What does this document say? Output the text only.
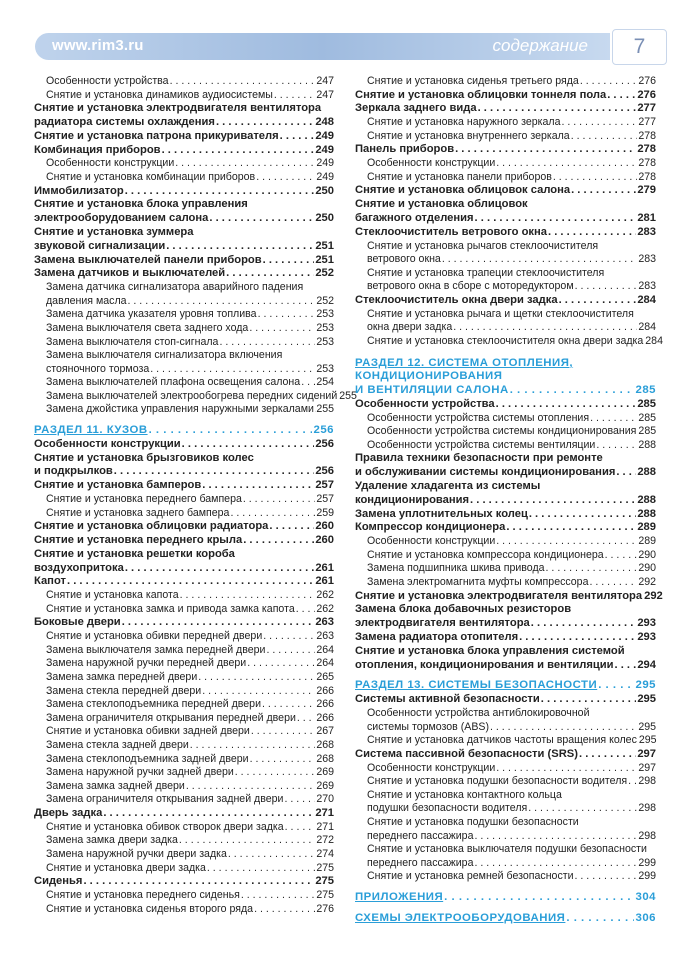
www.rim3.ru	содержание	7
Особенности устройства . . .	247
Снятие и установка динамиков аудиосистемы . . .	247
Снятие и установка электродвигателя вентилятора
радиатора системы охлаждения . . .	248
Снятие и установка патрона прикуривателя . . .	249
Комбинация приборов . . .	249
Особенности конструкции . . .	249
Снятие и установка комбинации приборов . . .	249
Иммобилизатор . . .	250
Снятие и установка блока управления
электрооборудованием салона . . .	250
Снятие и установка зуммера
звуковой сигнализации . . .	251
Замена выключателей панели приборов . . .	251
Замена датчиков и выключателей . . .	252
Замена датчика сигнализатора аварийного падения
давления масла . . .	252
Замена датчика указателя уровня топлива . . .	253
Замена выключателя света заднего хода . . .	253
Замена выключателя стоп-сигнала . . .	253
Замена выключателя сигнализатора включения
стояночного тормоза . . .	253
Замена выключателей плафона освещения салона . . . 254
Замена выключателей электрообогрева передних сидений 255
Замена джойстика управления наружными зеркалами . . . 255
РАЗДЕЛ 11. КУЗОВ . . .	256
Особенности конструкции . . .	256
Снятие и установка брызговиков колес
и подкрылков . . .	256
Снятие и установка бамперов . . .	257
Снятие и установка переднего бампера . . .	257
Снятие и установка заднего бампера . . .	259
Снятие и установка облицовки радиатора . . .	260
Снятие и установка переднего крыла . . .	260
Снятие и установка решетки короба
воздухопритока . . .	261
Капот . . .	261
Снятие и установка капота . . .	262
Снятие и установка замка и привода замка капота . . . 262
Боковые двери . . .	263
Снятие и установка обивки передней двери . . .	263
Замена выключателя замка передней двери . . .	264
Замена наружной ручки передней двери . . .	264
Замена замка передней двери . . .	265
Замена стекла передней двери . . .	266
Замена стеклоподъемника передней двери . . .	266
Замена ограничителя открывания передней двери . . . 266
Снятие и установка обивки задней двери . . .	267
Замена стекла задней двери . . .	268
Замена стеклоподъемника задней двери . . .	268
Замена наружной ручки задней двери . . .	269
Замена замка задней двери . . .	269
Замена ограничителя открывания задней двери . . .	270
Дверь задка . . .	271
Снятие и установка обивок створок двери задка . . .	271
Замена замка двери задка . . .	272
Замена наружной ручки двери задка . . .	274
Снятие и установка двери задка . . .	275
Сиденья . . .	275
Снятие и установка переднего сиденья . . .	275
Снятие и установка сиденья второго ряда . . .	276
Снятие и установка сиденья третьего ряда . . .	276
Снятие и установка облицовки тоннеля пола . . .	276
Зеркала заднего вида . . .	277
Снятие и установка наружного зеркала . . .	277
Снятие и установка внутреннего зеркала . . .	278
Панель приборов . . .	278
Особенности конструкции . . .	278
Снятие и установка панели приборов . . .	278
Снятие и установка облицовок салона . . .	279
Снятие и установка облицовок
багажного отделения . . .	281
Стеклоочиститель ветрового окна . . .	283
Снятие и установка рычагов стеклоочистителя
ветрового окна . . .	283
Снятие и установка трапеции стеклоочистителя
ветрового окна в сборе с моторедуктором . . .	283
Стеклоочиститель окна двери задка . . .	284
Снятие и установка рычага и щетки стеклоочистителя
окна двери задка . . .	284
Снятие и установка стеклоочистителя окна двери задка 284
РАЗДЕЛ 12. СИСТЕМА ОТОПЛЕНИЯ,
КОНДИЦИОНИРОВАНИЯ
И ВЕНТИЛЯЦИИ САЛОНА . . .	285
Особенности устройства . . .	285
Особенности устройства системы отопления . . .	285
Особенности устройства системы кондиционирования 285
Особенности устройства системы вентиляции . . .	288
Правила техники безопасности при ремонте
и обслуживании системы кондиционирования . . . 288
Удаление хладагента из системы
кондиционирования . . .	288
Замена уплотнительных колец . . .	288
Компрессор кондиционера . . .	289
Особенности конструкции . . .	289
Снятие и установка компрессора кондиционера . . .	290
Замена подшипника шкива привода . . .	290
Замена электромагнита муфты компрессора . . .	292
Снятие и установка электродвигателя вентилятора 292
Замена блока добавочных резисторов
электродвигателя вентилятора . . .	293
Замена радиатора отопителя . . .	293
Снятие и установка блока управления системой
отопления, кондиционирования и вентиляции . . . 294
РАЗДЕЛ 13. СИСТЕМЫ БЕЗОПАСНОСТИ . . .	295
Системы активной безопасности . . .	295
Особенности устройства антиблокировочной
системы тормозов (ABS) . . .	295
Снятие и установка датчиков частоты вращения колес 295
Система пассивной безопасности (SRS) . . .	297
Особенности конструкции . . .	297
Снятие и установка подушки безопасности водителя . . . 298
Снятие и установка контактного кольца
подушки безопасности водителя . . .	298
Снятие и установка подушки безопасности
переднего пассажира . . .	298
Снятие и установка выключателя подушки безопасности
переднего пассажира . . .	299
Снятие и установка ремней безопасности . . .	299
ПРИЛОЖЕНИЯ . . .	304
СХЕМЫ ЭЛЕКТРООБОРУДОВАНИЯ . . .	306
